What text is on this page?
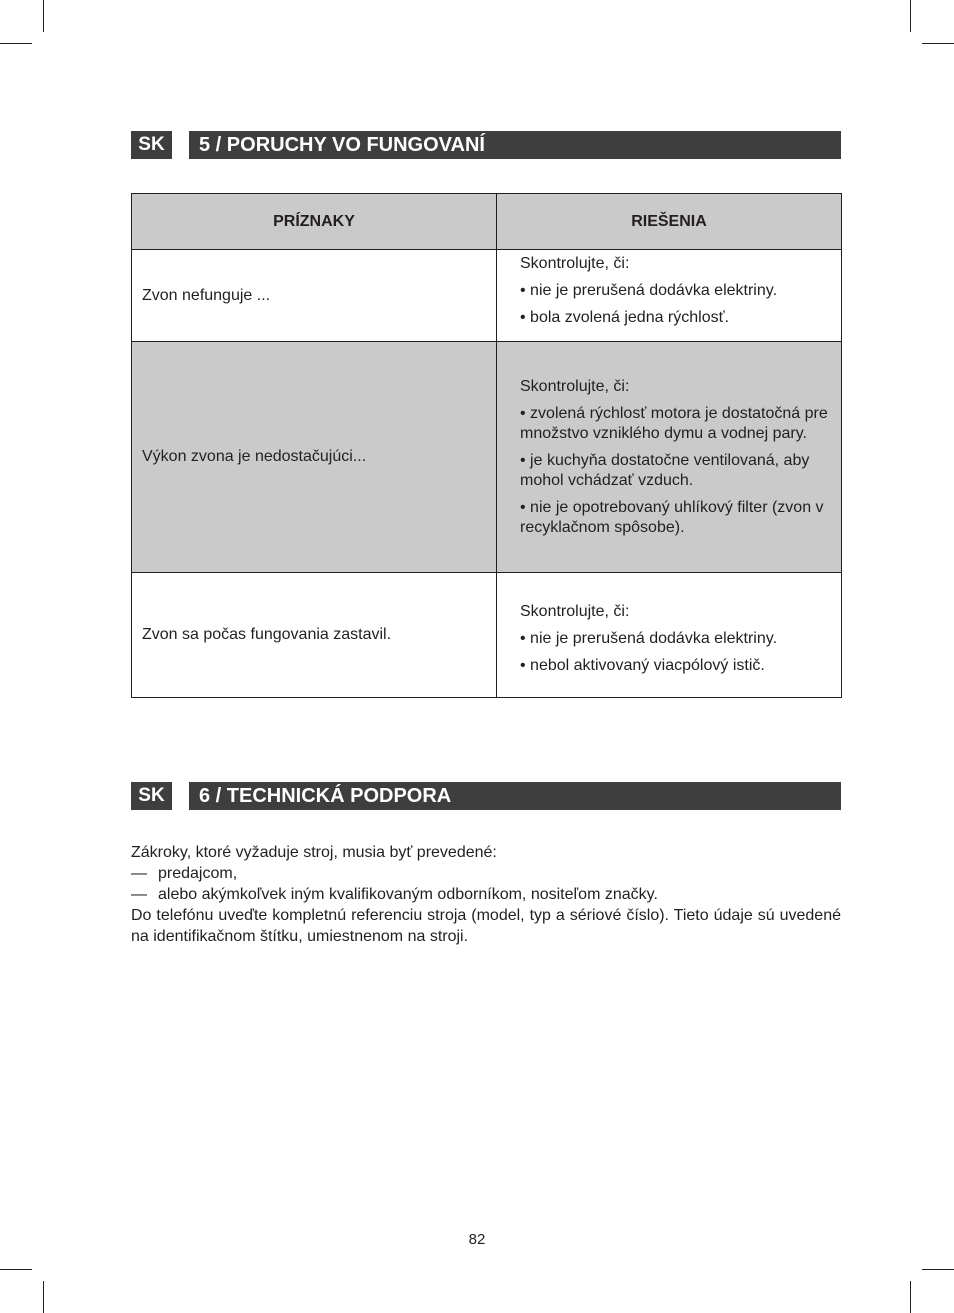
SK	5 / PORUCHY VO FUNGOVANÍ
PRÍZNAKY	RIEŠENIA
Zvon nefunguje ...	Skontrolujte, či:

• nie je prerušená dodávka elektriny.

• bola zvolená jedna rýchlosť.

Výkon zvona je nedostačujúci...	Skontrolujte, či:

• zvolená rýchlosť motora je dostatočná pre množstvo vzniklého dymu a vodnej pary.

• je kuchyňa dostatočne ventilovaná, aby mohol vchádzať vzduch.

• nie je opotrebovaný uhlíkový filter (zvon v recyklačnom spôsobe).

Zvon sa počas fungovania zastavil.	Skontrolujte, či:

• nie je prerušená dodávka elektriny.

• nebol aktivovaný viacpólový istič.

SK	6 / TECHNICKÁ PODPORA

Zákroky, ktoré vyžaduje stroj, musia byť prevedené:

— predajcom,
— alebo akýmkoľvek iným kvalifikovaným odborníkom, nositeľom značky.

Do telefónu uveďte kompletnú referenciu stroja (model, typ a sériové číslo). Tieto údaje sú uvedené na identifikačnom štítku, umiestnenom na stroji.

82
